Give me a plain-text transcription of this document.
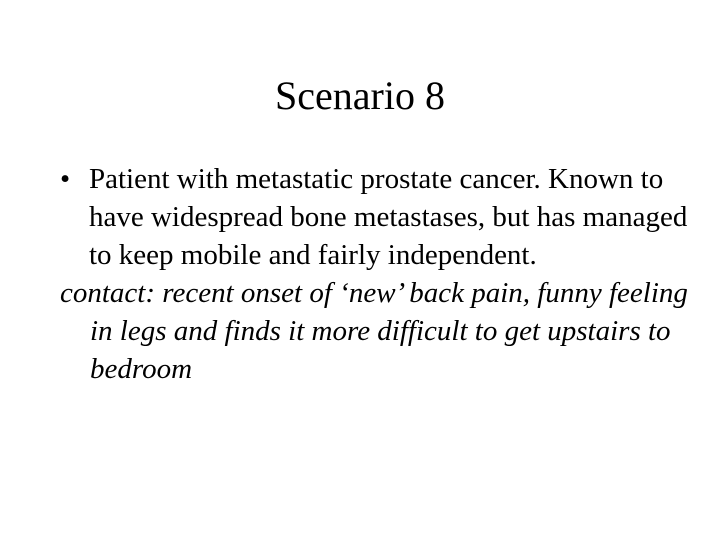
Scenario 8
• Patient with metastatic prostate cancer. Known to have widespread bone metastases, but has managed to keep mobile and fairly independent.

contact: recent onset of ‘new’ back pain, funny feeling in legs and finds it more difficult to get upstairs to bedroom
